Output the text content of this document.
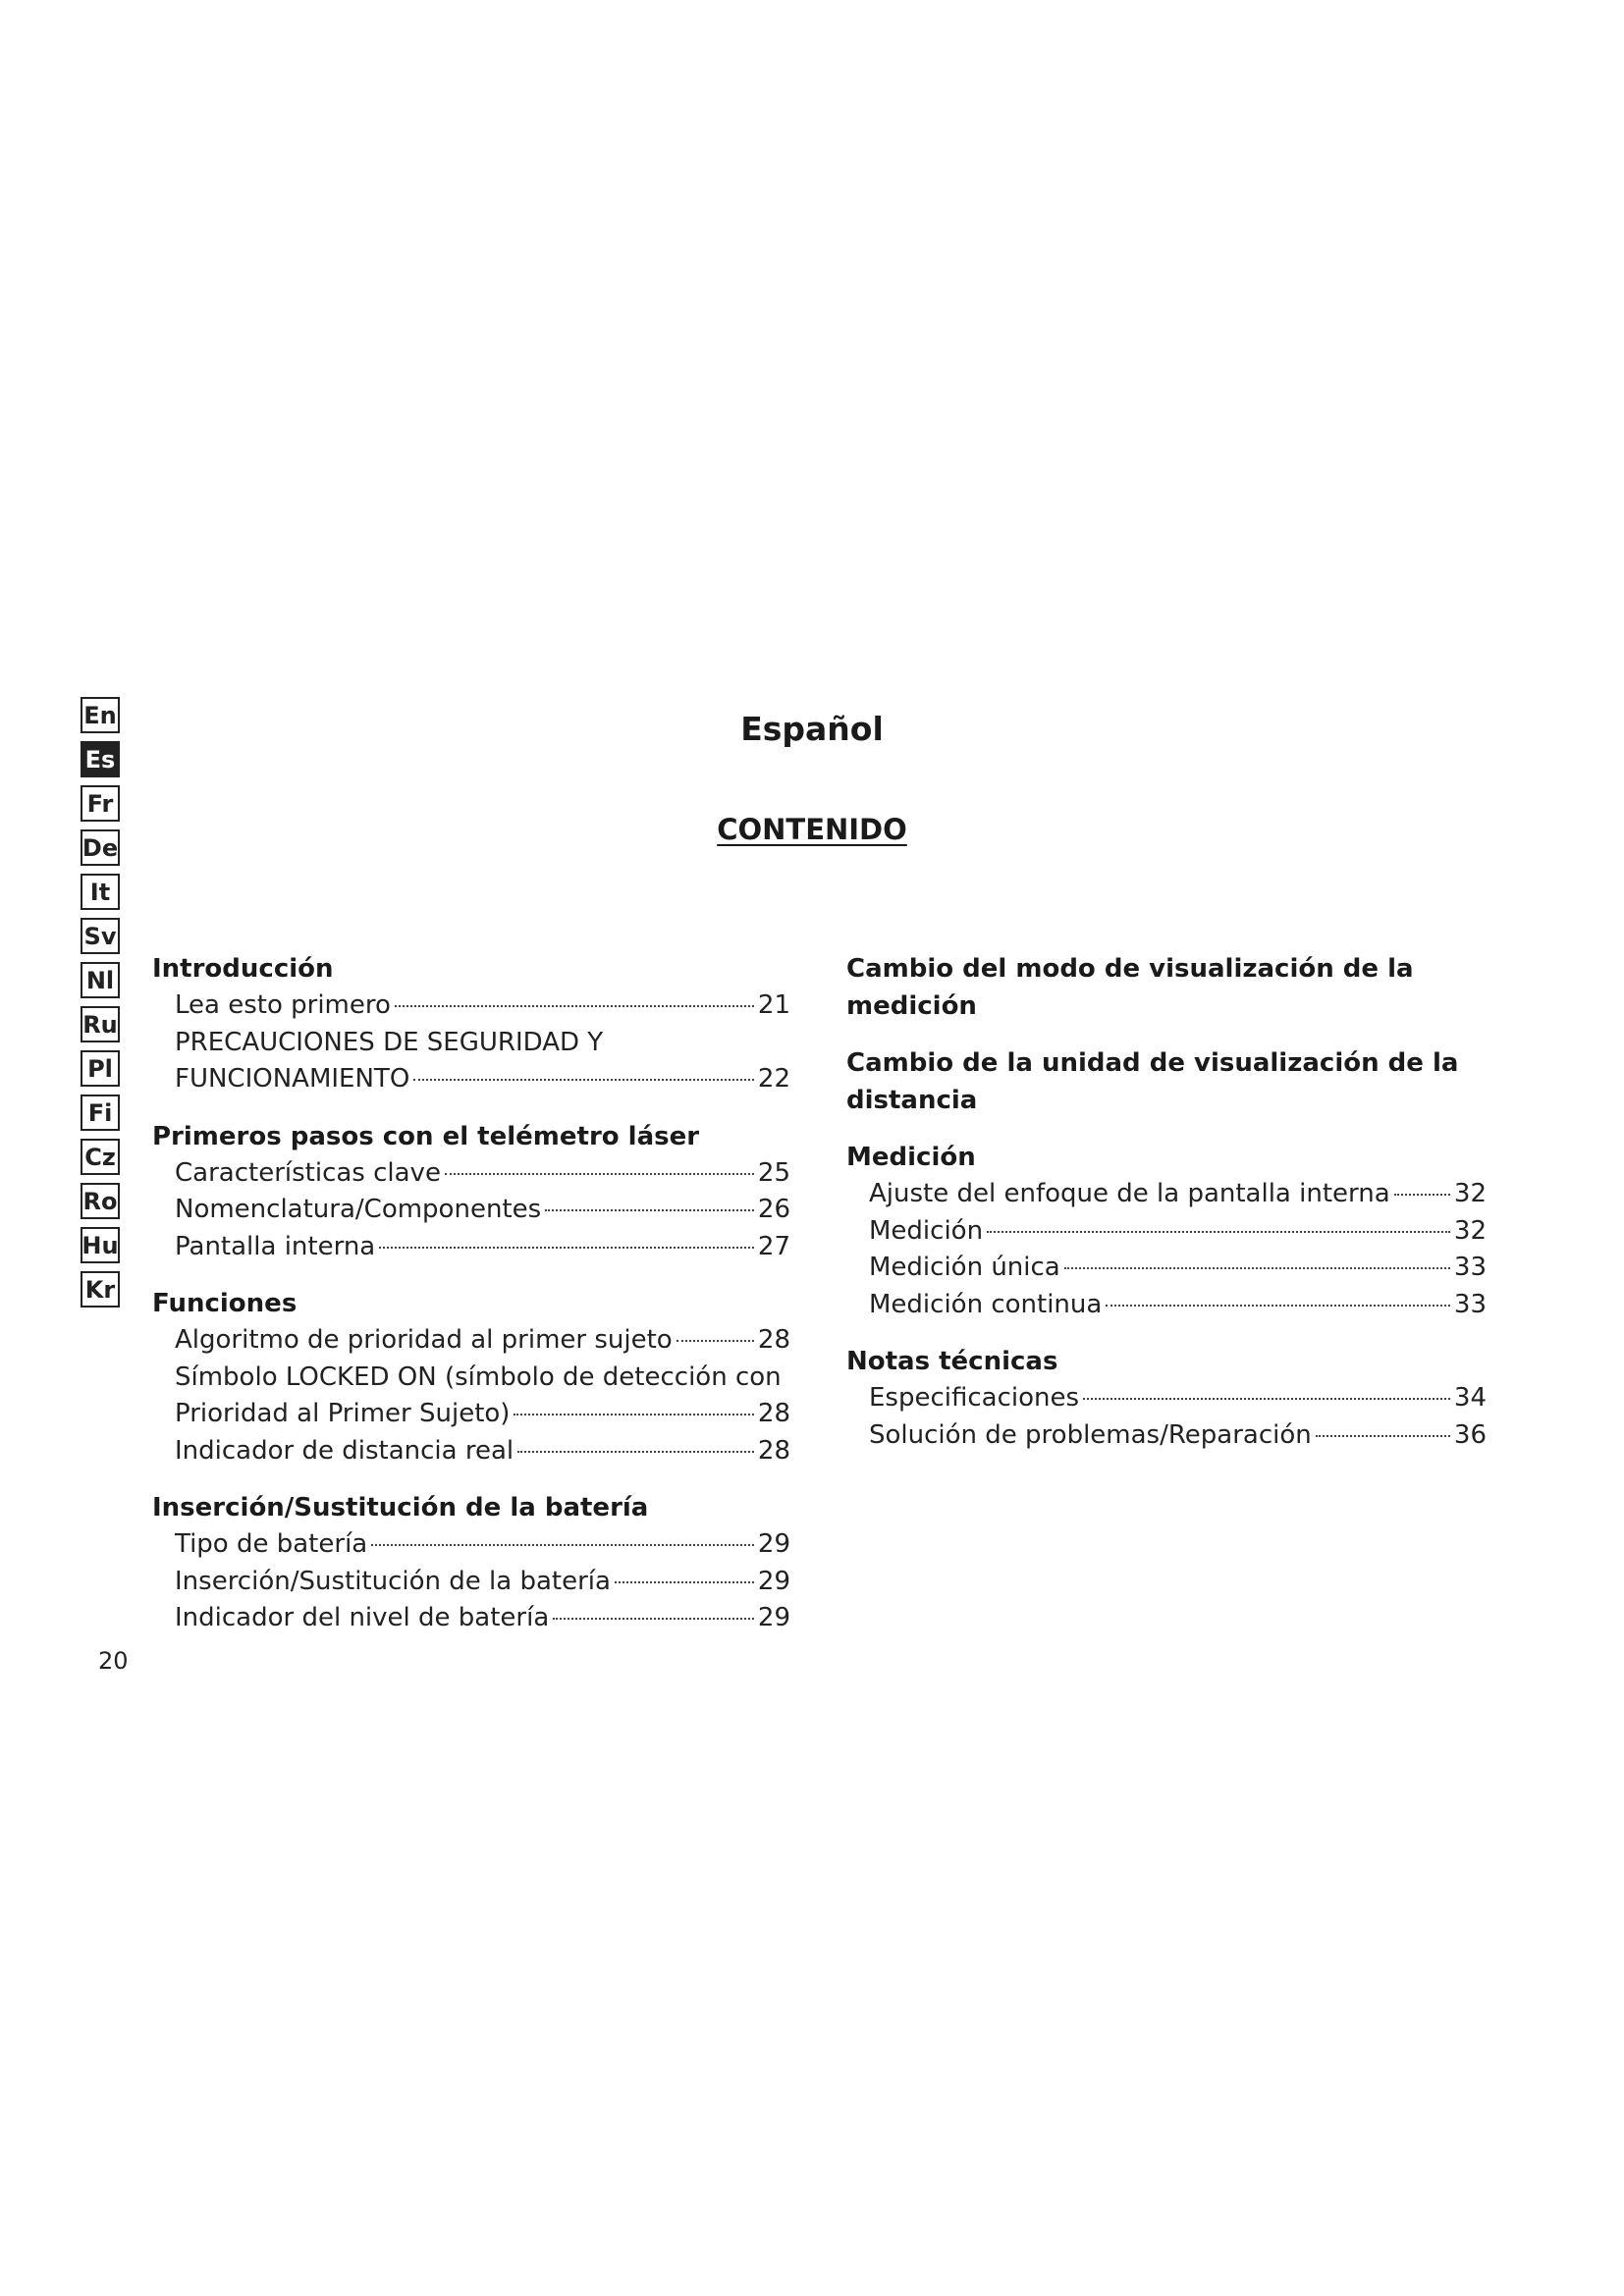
En
Es
Fr
De
It
Sv
Nl
Ru
Pl
Fi
Cz
Ro
Hu
Kr
Español
CONTENIDO
Introducción
Lea esto primero	21
PRECAUCIONES DE SEGURIDAD Y
FUNCIONAMIENTO	22
Primeros pasos con el telémetro láser
Características clave	25
Nomenclatura/Componentes	26
Pantalla interna	27
Funciones
Algoritmo de prioridad al primer sujeto	28
Símbolo LOCKED ON (símbolo de detección con
Prioridad al Primer Sujeto)	28
Indicador de distancia real	28
Inserción/Sustitución de la batería
Tipo de batería	29
Inserción/Sustitución de la batería	29
Indicador del nivel de batería	29
Cambio del modo de visualización de la medición
Cambio de la unidad de visualización de la
distancia
Medición
Ajuste del enfoque de la pantalla interna	32
Medición	32
Medición única	33
Medición continua	33
Notas técnicas
Especificaciones	34
Solución de problemas/Reparación	36
20
